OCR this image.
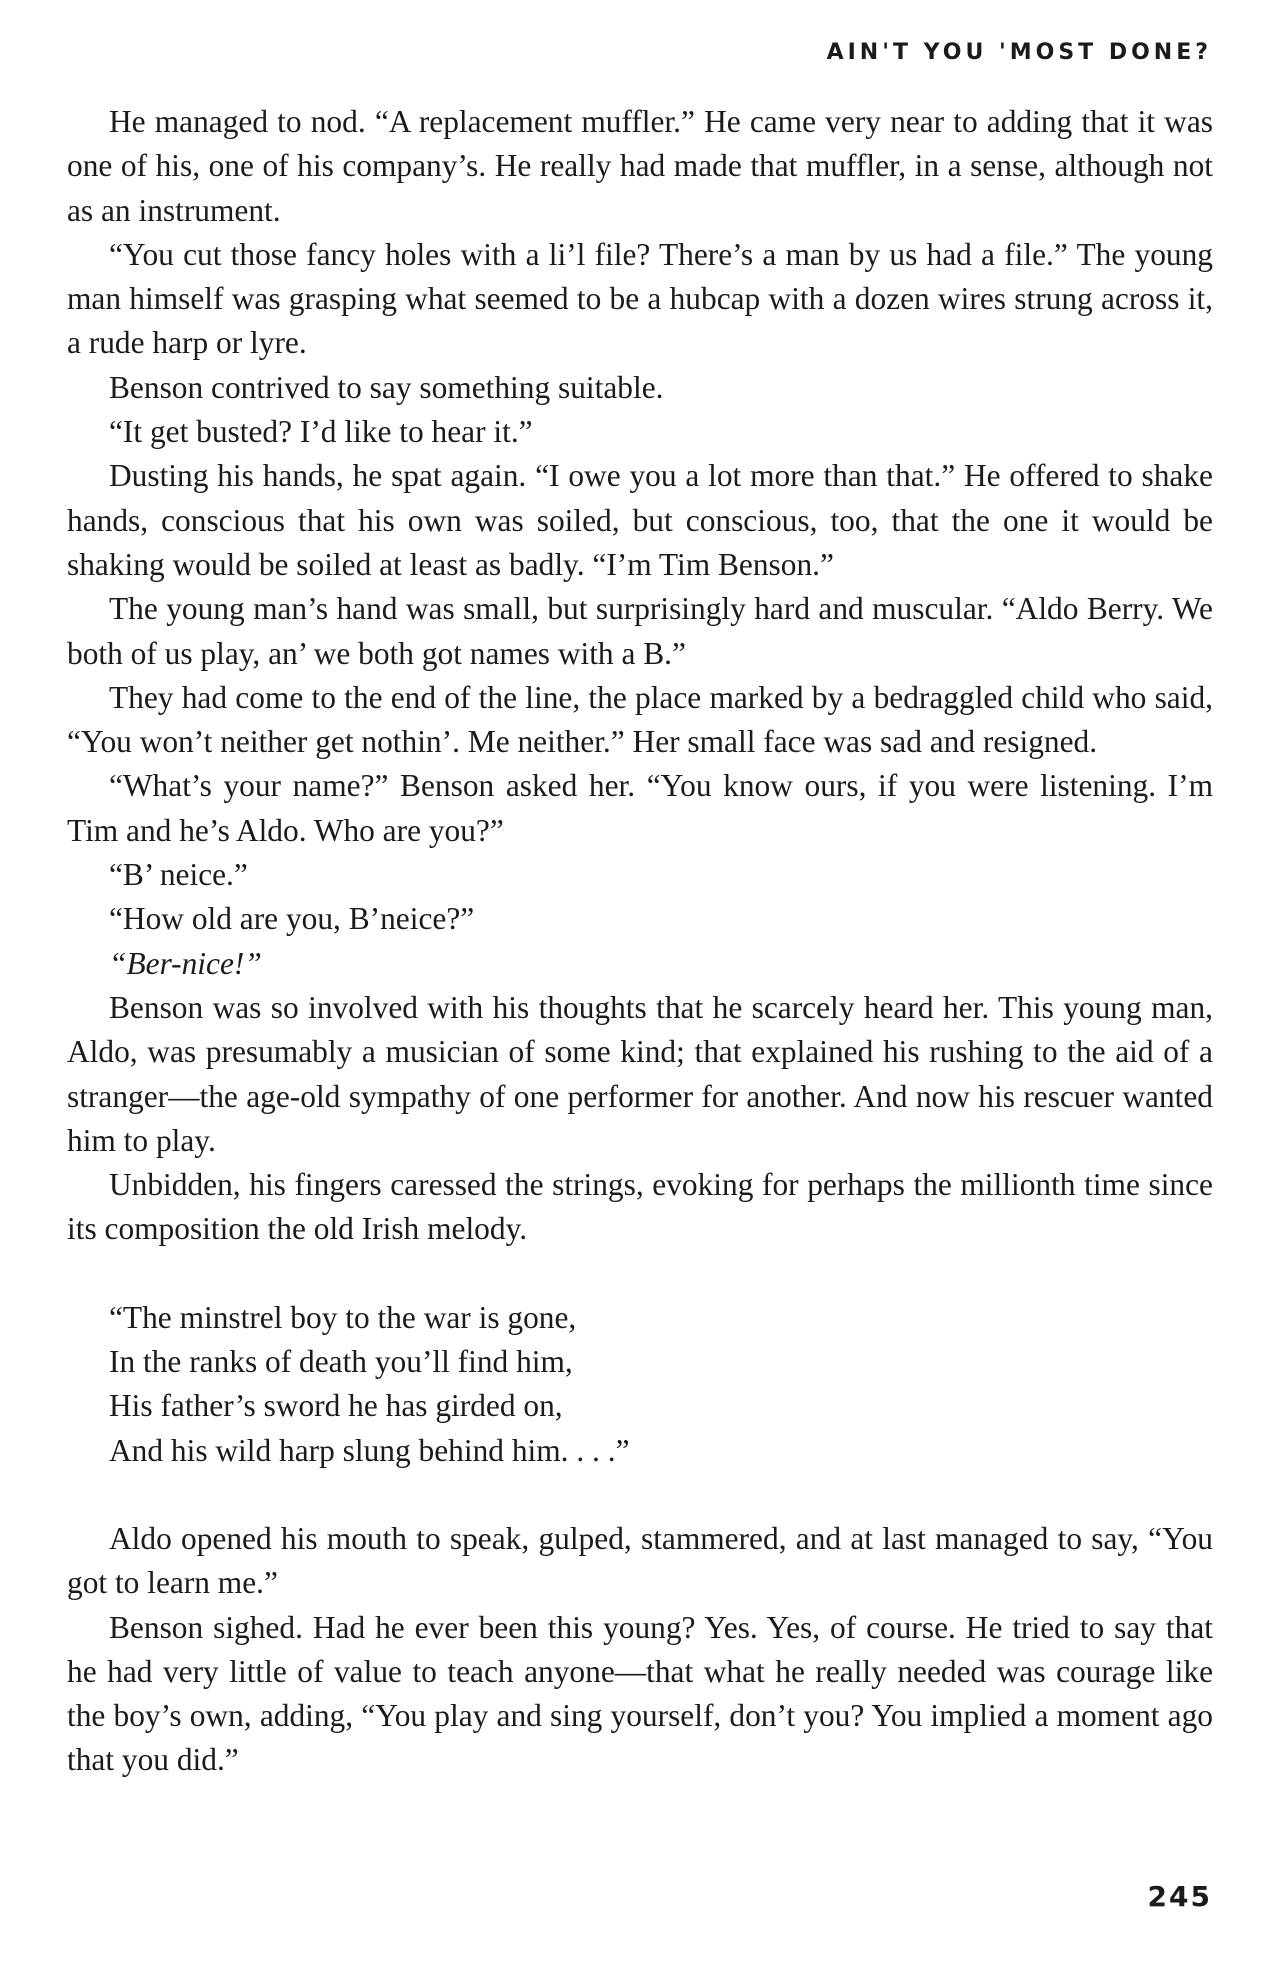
AIN'T YOU 'MOST DONE?

He managed to nod. “A replacement muffler.” He came very near to adding that it was one of his, one of his company’s. He really had made that muffler, in a sense, although not as an instrument.

“You cut those fancy holes with a li’l file? There’s a man by us had a file.” The young man himself was grasping what seemed to be a hubcap with a dozen wires strung across it, a rude harp or lyre.

Benson contrived to say something suitable.

“It get busted? I’d like to hear it.”

Dusting his hands, he spat again. “I owe you a lot more than that.” He offered to shake hands, conscious that his own was soiled, but conscious, too, that the one it would be shaking would be soiled at least as badly. “I’m Tim Benson.”

The young man’s hand was small, but surprisingly hard and muscular. “Aldo Berry. We both of us play, an’ we both got names with a B.”

They had come to the end of the line, the place marked by a bedraggled child who said, “You won’t neither get nothin’. Me neither.” Her small face was sad and resigned.

“What’s your name?” Benson asked her. “You know ours, if you were listening. I’m Tim and he’s Aldo. Who are you?”

“B’ neice.”

“How old are you, B’neice?”

“Ber-nice!”

Benson was so involved with his thoughts that he scarcely heard her. This young man, Aldo, was presumably a musician of some kind; that explained his rushing to the aid of a stranger—the age-old sympathy of one performer for another. And now his rescuer wanted him to play.

Unbidden, his fingers caressed the strings, evoking for perhaps the millionth time since its composition the old Irish melody.

“The minstrel boy to the war is gone,
In the ranks of death you’ll find him,
His father’s sword he has girded on,
And his wild harp slung behind him. . . .”

Aldo opened his mouth to speak, gulped, stammered, and at last managed to say, “You got to learn me.”

Benson sighed. Had he ever been this young? Yes. Yes, of course. He tried to say that he had very little of value to teach anyone—that what he really needed was courage like the boy’s own, adding, “You play and sing yourself, don’t you? You implied a moment ago that you did.”

245
